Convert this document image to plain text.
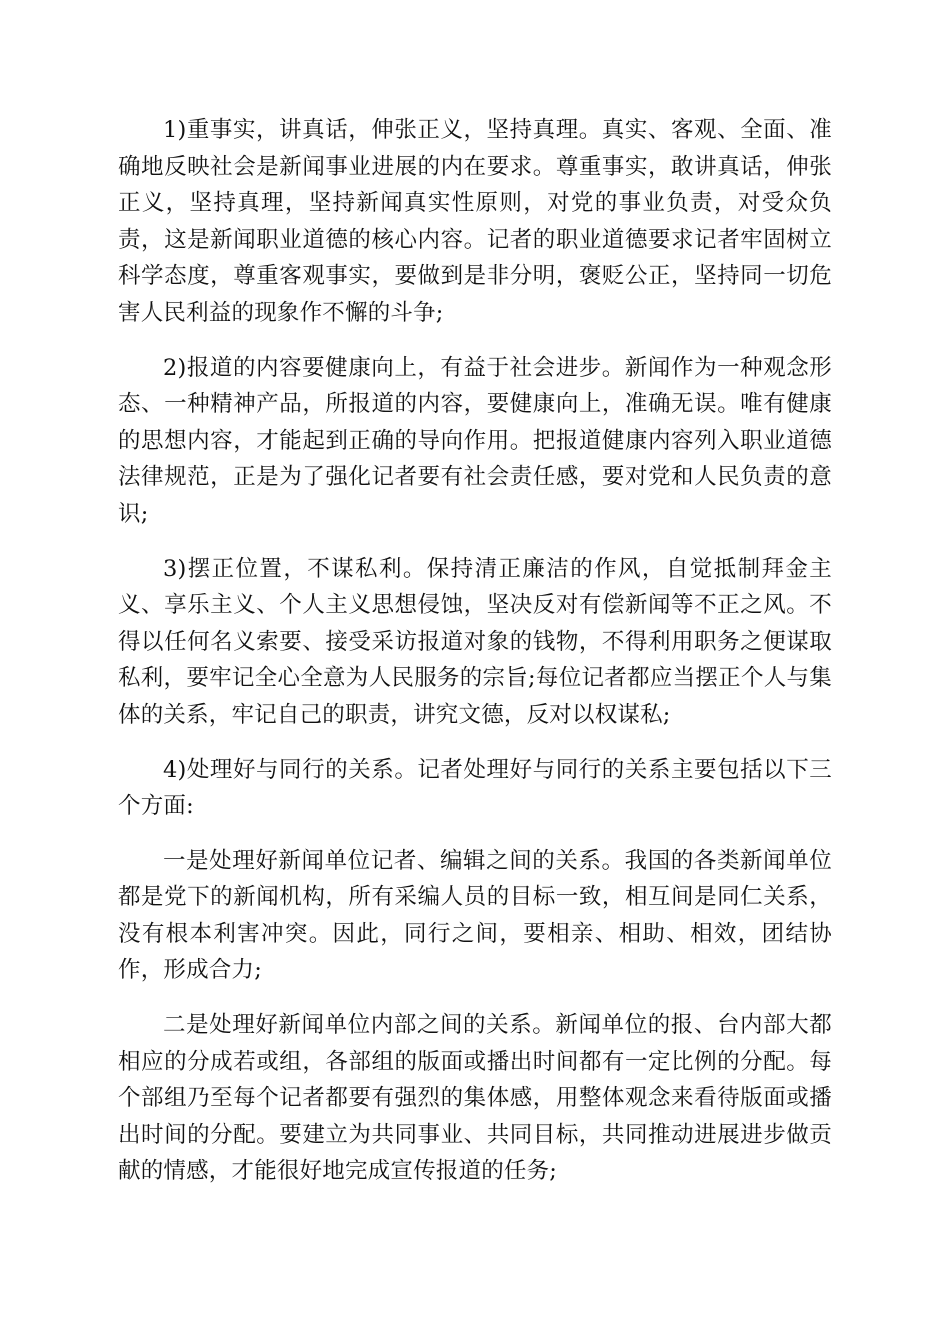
1)重事实，讲真话，伸张正义，坚持真理。真实、客观、全面、准确地反映社会是新闻事业进展的内在要求。尊重事实，敢讲真话，伸张正义，坚持真理，坚持新闻真实性原则，对党的事业负责，对受众负责，这是新闻职业道德的核心内容。记者的职业道德要求记者牢固树立科学态度，尊重客观事实，要做到是非分明，褒贬公正，坚持同一切危害人民利益的现象作不懈的斗争;

2)报道的内容要健康向上，有益于社会进步。新闻作为一种观念形态、一种精神产品，所报道的内容，要健康向上，准确无误。唯有健康的思想内容，才能起到正确的导向作用。把报道健康内容列入职业道德法律规范，正是为了强化记者要有社会责任感，要对党和人民负责的意识;

3)摆正位置，不谋私利。保持清正廉洁的作风，自觉抵制拜金主义、享乐主义、个人主义思想侵蚀，坚决反对有偿新闻等不正之风。不得以任何名义索要、接受采访报道对象的钱物，不得利用职务之便谋取私利，要牢记全心全意为人民服务的宗旨;每位记者都应当摆正个人与集体的关系，牢记自己的职责，讲究文德，反对以权谋私;

4)处理好与同行的关系。记者处理好与同行的关系主要包括以下三个方面:

一是处理好新闻单位记者、编辑之间的关系。我国的各类新闻单位都是党下的新闻机构，所有采编人员的目标一致，相互间是同仁关系，没有根本利害冲突。因此，同行之间，要相亲、相助、相效，团结协作，形成合力;

二是处理好新闻单位内部之间的关系。新闻单位的报、台内部大都相应的分成若或组，各部组的版面或播出时间都有一定比例的分配。每个部组乃至每个记者都要有强烈的集体感，用整体观念来看待版面或播出时间的分配。要建立为共同事业、共同目标，共同推动进展进步做贡献的情感，才能很好地完成宣传报道的任务;
